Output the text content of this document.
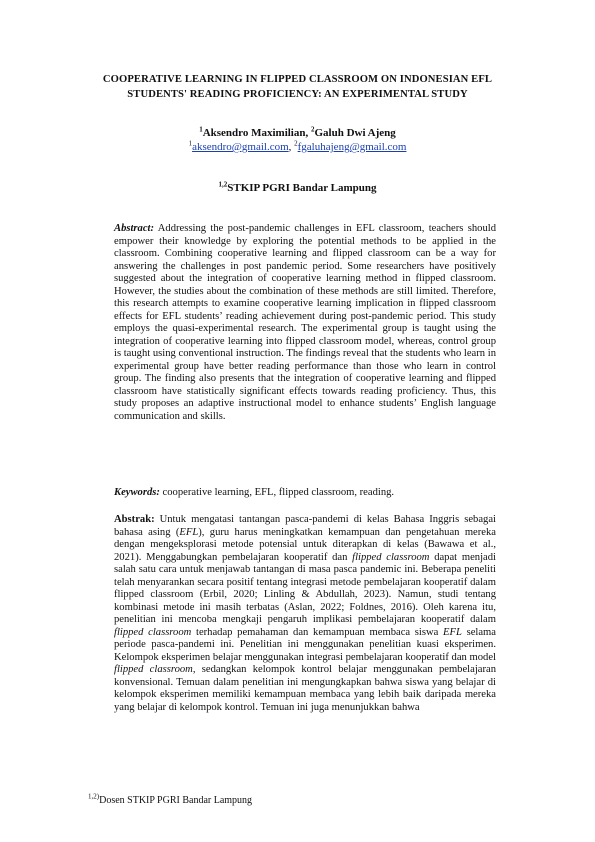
COOPERATIVE LEARNING IN FLIPPED CLASSROOM ON INDONESIAN EFL
STUDENTS' READING PROFICIENCY: AN EXPERIMENTAL STUDY
$^1$Aksendro Maximilian, $^2$Galuh Dwi Ajeng
$^1$aksendro@gmail.com, $^2$fgaluhajeng@gmail.com
$^{1,2}$STKIP PGRI Bandar Lampung

Abstract: Addressing the post-pandemic challenges in EFL classroom, teachers should empower their knowledge by exploring the potential methods to be applied in the classroom. Combining cooperative learning and flipped classroom can be a way for answering the challenges in post pandemic period. Some researchers have positively suggested about the integration of cooperative learning method in flipped classroom. However, the studies about the combination of these methods are still limited. Therefore, this research attempts to examine cooperative learning implication in flipped classroom effects for EFL students’ reading achievement during post-pandemic period. This study employs the quasi-experimental research. The experimental group is taught using the integration of cooperative learning into flipped classroom model, whereas, control group is taught using conventional instruction. The findings reveal that the students who learn in experimental group have better reading performance than those who learn in control group. The finding also presents that the integration of cooperative learning and flipped classroom have statistically significant effects towards reading proficiency. Thus, this study proposes an adaptive instructional model to enhance students’ English language communication and skills.

Keywords: cooperative learning, EFL, flipped classroom, reading.

Abstrak: Untuk mengatasi tantangan pasca-pandemi di kelas Bahasa Inggris sebagai bahasa asing (EFL), guru harus meningkatkan kemampuan dan pengetahuan mereka dengan mengeksplorasi metode potensial untuk diterapkan di kelas (Bawawa et al., 2021). Menggabungkan pembelajaran kooperatif dan flipped classroom dapat menjadi salah satu cara untuk menjawab tantangan di masa pasca pandemic ini. Beberapa peneliti telah menyarankan secara positif tentang integrasi metode pembelajaran kooperatif dalam flipped classroom (Erbil, 2020; Linling & Abdullah, 2023). Namun, studi tentang kombinasi metode ini masih terbatas (Aslan, 2022; Foldnes, 2016). Oleh karena itu, penelitian ini mencoba mengkaji pengaruh implikasi pembelajaran kooperatif dalam flipped classroom terhadap pemahaman dan kemampuan membaca siswa EFL selama periode pasca-pandemi ini. Penelitian ini menggunakan penelitian kuasi eksperimen. Kelompok eksperimen belajar menggunakan integrasi pembelajaran kooperatif dan model flipped classroom, sedangkan kelompok kontrol belajar menggunakan pembelajaran konvensional. Temuan dalam penelitian ini mengungkapkan bahwa siswa yang belajar di kelompok eksperimen memiliki kemampuan membaca yang lebih baik daripada mereka yang belajar di kelompok kontrol. Temuan ini juga menunjukkan bahwa

$^{1,2)}$Dosen STKIP PGRI Bandar Lampung
